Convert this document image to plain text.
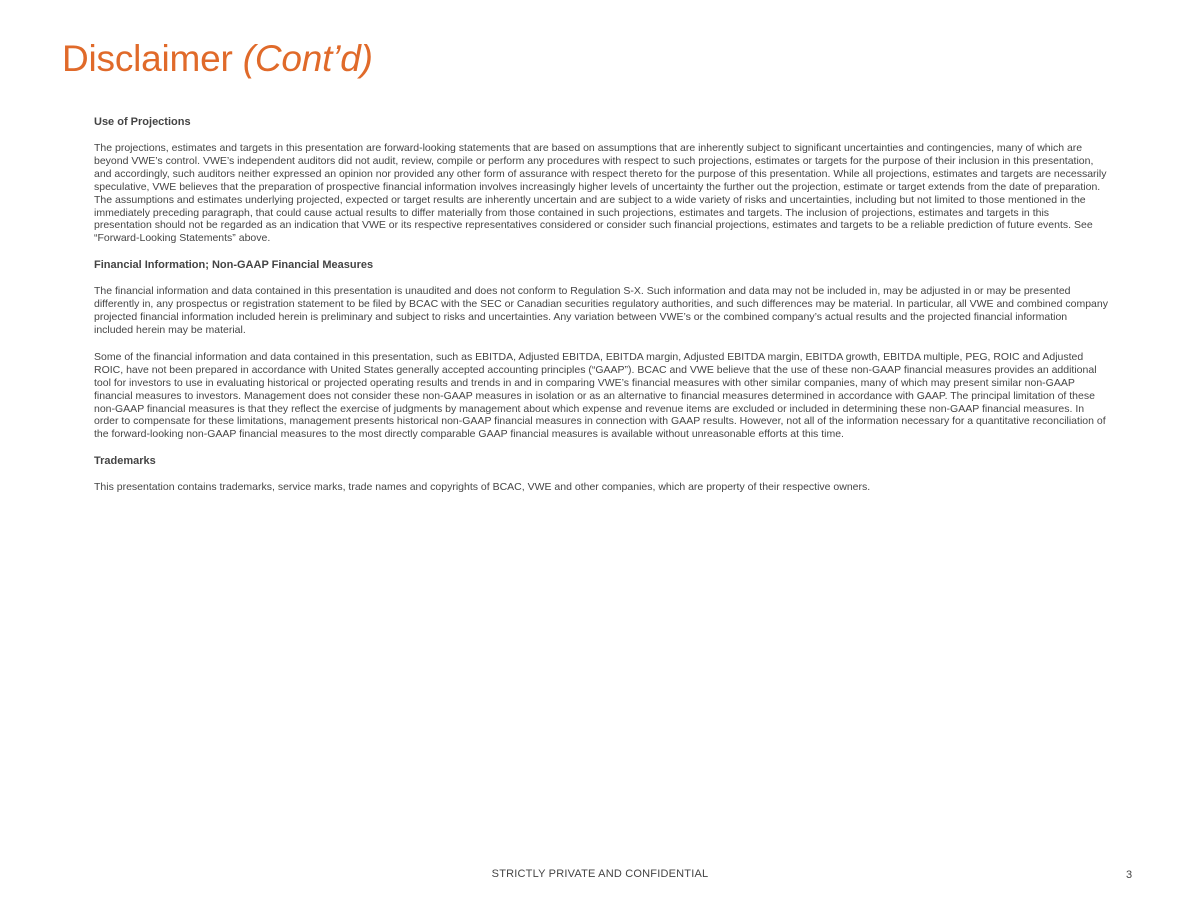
Disclaimer (Cont’d)

Use of Projections

The projections, estimates and targets in this presentation are forward-looking statements that are based on assumptions that are inherently subject to significant uncertainties and contingencies, many of which are beyond VWE’s control. VWE’s independent auditors did not audit, review, compile or perform any procedures with respect to such projections, estimates or targets for the purpose of their inclusion in this presentation, and accordingly, such auditors neither expressed an opinion nor provided any other form of assurance with respect thereto for the purpose of this presentation. While all projections, estimates and targets are necessarily speculative, VWE believes that the preparation of prospective financial information involves increasingly higher levels of uncertainty the further out the projection, estimate or target extends from the date of preparation. The assumptions and estimates underlying projected, expected or target results are inherently uncertain and are subject to a wide variety of risks and uncertainties, including but not limited to those mentioned in the immediately preceding paragraph, that could cause actual results to differ materially from those contained in such projections, estimates and targets. The inclusion of projections, estimates and targets in this presentation should not be regarded as an indication that VWE or its respective representatives considered or consider such financial projections, estimates and targets to be a reliable prediction of future events. See “Forward-Looking Statements” above.

Financial Information; Non-GAAP Financial Measures

The financial information and data contained in this presentation is unaudited and does not conform to Regulation S-X. Such information and data may not be included in, may be adjusted in or may be presented differently in, any prospectus or registration statement to be filed by BCAC with the SEC or Canadian securities regulatory authorities, and such differences may be material. In particular, all VWE and combined company projected financial information included herein is preliminary and subject to risks and uncertainties. Any variation between VWE’s or the combined company’s actual results and the projected financial information included herein may be material.

Some of the financial information and data contained in this presentation, such as EBITDA, Adjusted EBITDA, EBITDA margin, Adjusted EBITDA margin, EBITDA growth, EBITDA multiple, PEG, ROIC and Adjusted ROIC, have not been prepared in accordance with United States generally accepted accounting principles (“GAAP”). BCAC and VWE believe that the use of these non-GAAP financial measures provides an additional tool for investors to use in evaluating historical or projected operating results and trends in and in comparing VWE’s financial measures with other similar companies, many of which may present similar non-GAAP financial measures to investors. Management does not consider these non-GAAP measures in isolation or as an alternative to financial measures determined in accordance with GAAP. The principal limitation of these non-GAAP financial measures is that they reflect the exercise of judgments by management about which expense and revenue items are excluded or included in determining these non-GAAP financial measures. In order to compensate for these limitations, management presents historical non-GAAP financial measures in connection with GAAP results. However, not all of the information necessary for a quantitative reconciliation of the forward-looking non-GAAP financial measures to the most directly comparable GAAP financial measures is available without unreasonable efforts at this time.

Trademarks

This presentation contains trademarks, service marks, trade names and copyrights of BCAC, VWE and other companies, which are property of their respective owners.

STRICTLY PRIVATE AND CONFIDENTIAL	3
